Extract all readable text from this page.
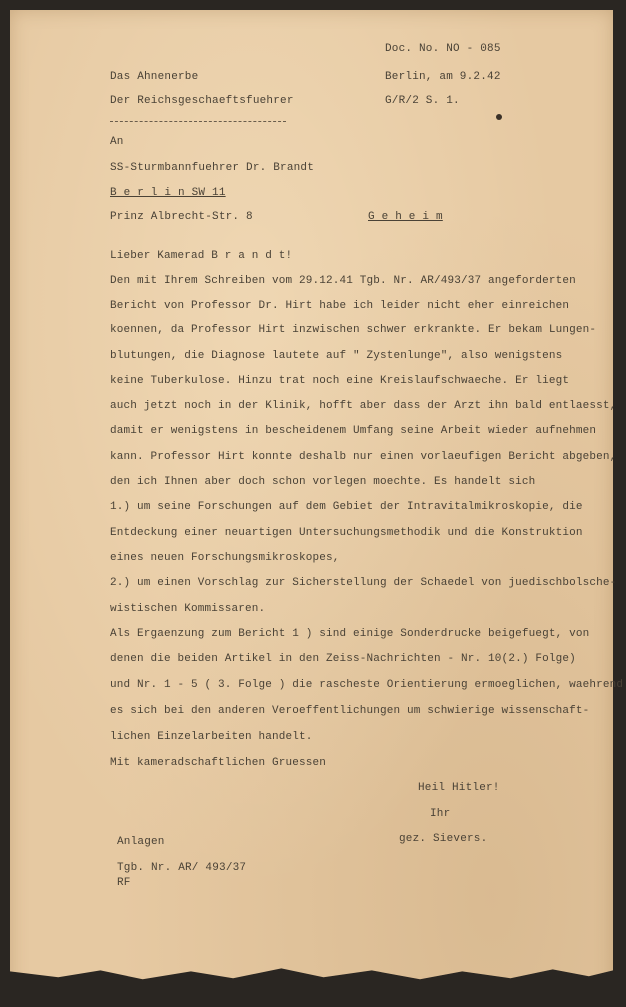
Doc. No. NO - 085

Das Ahnenerbe	Berlin, am 9.2.42

Der Reichsgeschaeftsfuehrer	G/R/2 S. 1.

An

SS-Sturmbannfuehrer Dr. Brandt

B e r l i n SW 11

Prinz Albrecht-Str. 8	G e h e i m

Lieber Kamerad B r a n d t!

Den mit Ihrem Schreiben vom 29.12.41 Tgb. Nr. AR/493/37 angeforderten

Bericht von Professor Dr. Hirt habe ich leider nicht eher einreichen

koennen, da Professor Hirt inzwischen schwer erkrankte. Er bekam Lungen-

blutungen, die Diagnose lautete auf " Zystenlunge", also wenigstens

keine Tuberkulose. Hinzu trat noch eine Kreislaufschwaeche. Er liegt

auch jetzt noch in der Klinik, hofft aber dass der Arzt ihn bald entlaesst,

damit er wenigstens in bescheidenem Umfang seine Arbeit wieder aufnehmen

kann. Professor Hirt konnte deshalb nur einen vorlaeufigen Bericht abgeben,

den ich Ihnen aber doch schon vorlegen moechte. Es handelt sich

1.) um seine Forschungen auf dem Gebiet der Intravitalmikroskopie, die

Entdeckung einer neuartigen Untersuchungsmethodik und die Konstruktion

eines neuen Forschungsmikroskopes,

2.) um einen Vorschlag zur Sicherstellung der Schaedel von juedischbolsche-

wistischen Kommissaren.

Als Ergaenzung zum Bericht 1 ) sind einige Sonderdrucke beigefuegt, von

denen die beiden Artikel in den Zeiss-Nachrichten - Nr. 10(2.) Folge)

und Nr. 1 - 5 ( 3. Folge ) die rascheste Orientierung ermoeglichen, waehrend

es sich bei den anderen Veroeffentlichungen um schwierige wissenschaft-

lichen Einzelarbeiten handelt.

Mit kameradschaftlichen Gruessen

Heil Hitler!

Ihr

gez. Sievers.

Anlagen

Tgb. Nr. AR/ 493/37

RF
